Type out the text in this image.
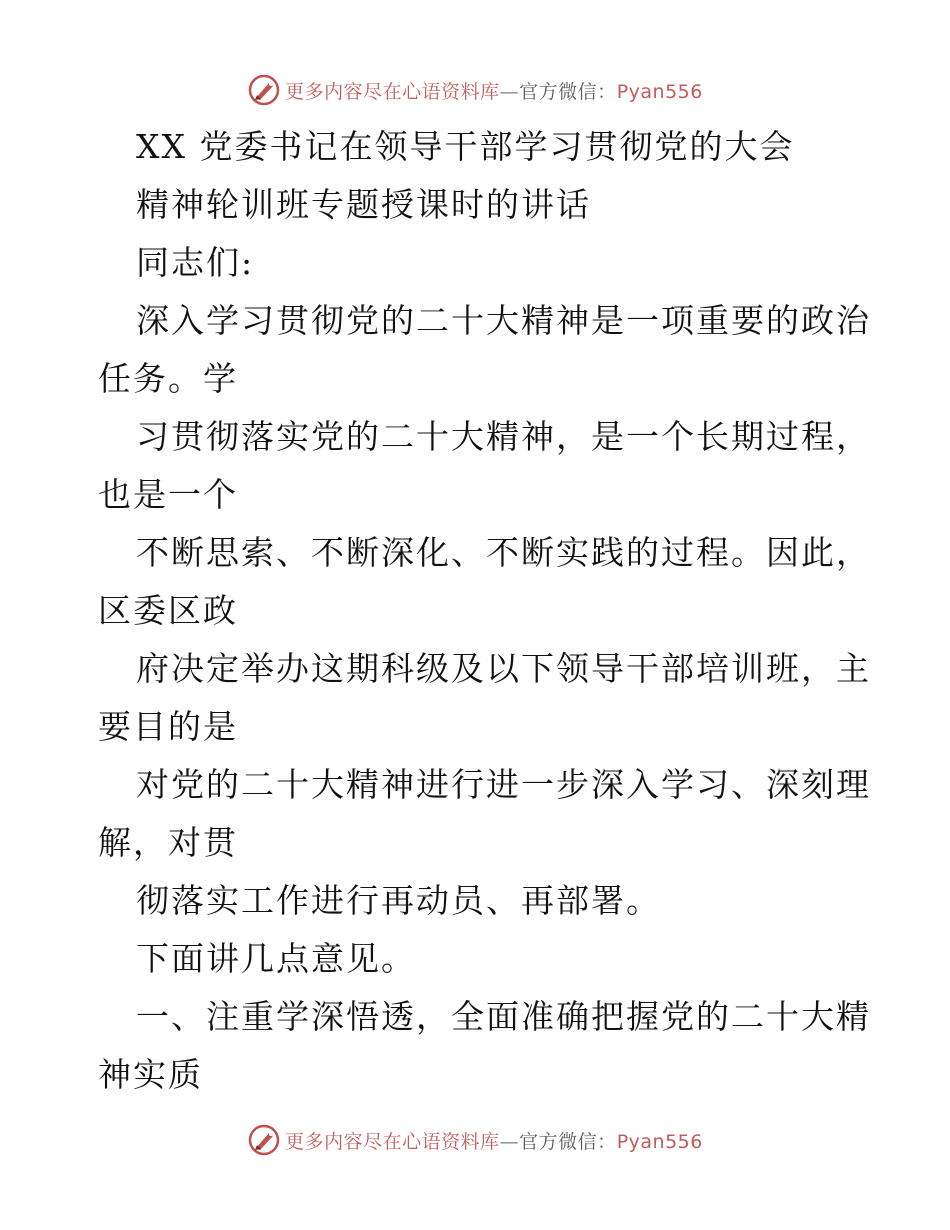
更多内容尽在心语资料库—官方微信：Pyan556
XX 党委书记在领导干部学习贯彻党的大会
精神轮训班专题授课时的讲话
同志们:
深入学习贯彻党的二十大精神是一项重要的政治
任务。学
习贯彻落实党的二十大精神，是一个长期过程，
也是一个
不断思索、不断深化、不断实践的过程。因此，
区委区政
府决定举办这期科级及以下领导干部培训班，主
要目的是
对党的二十大精神进行进一步深入学习、深刻理
解，对贯
彻落实工作进行再动员、再部署。
下面讲几点意见。
一、注重学深悟透，全面准确把握党的二十大精
神实质
更多内容尽在心语资料库—官方微信：Pyan556
